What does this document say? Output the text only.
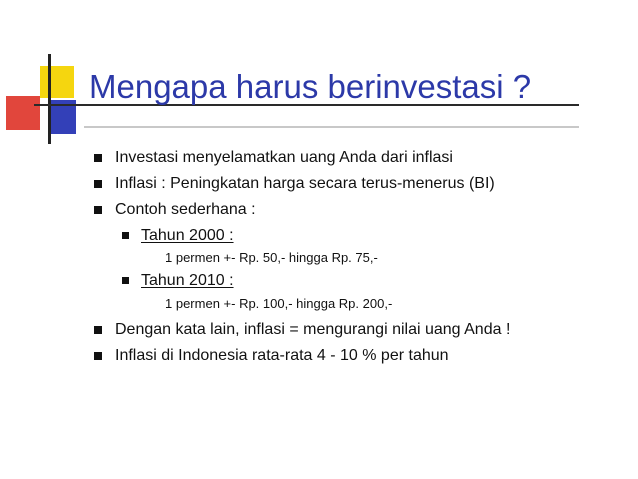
Mengapa harus berinvestasi ?
Investasi menyelamatkan uang Anda dari inflasi
Inflasi : Peningkatan harga secara terus-menerus (BI)
Contoh sederhana :
Tahun 2000 :
1 permen +- Rp. 50,- hingga Rp. 75,-
Tahun 2010 :
1 permen +- Rp. 100,- hingga Rp. 200,-
Dengan kata lain, inflasi = mengurangi nilai uang Anda !
Inflasi di Indonesia rata-rata 4 - 10 % per tahun
